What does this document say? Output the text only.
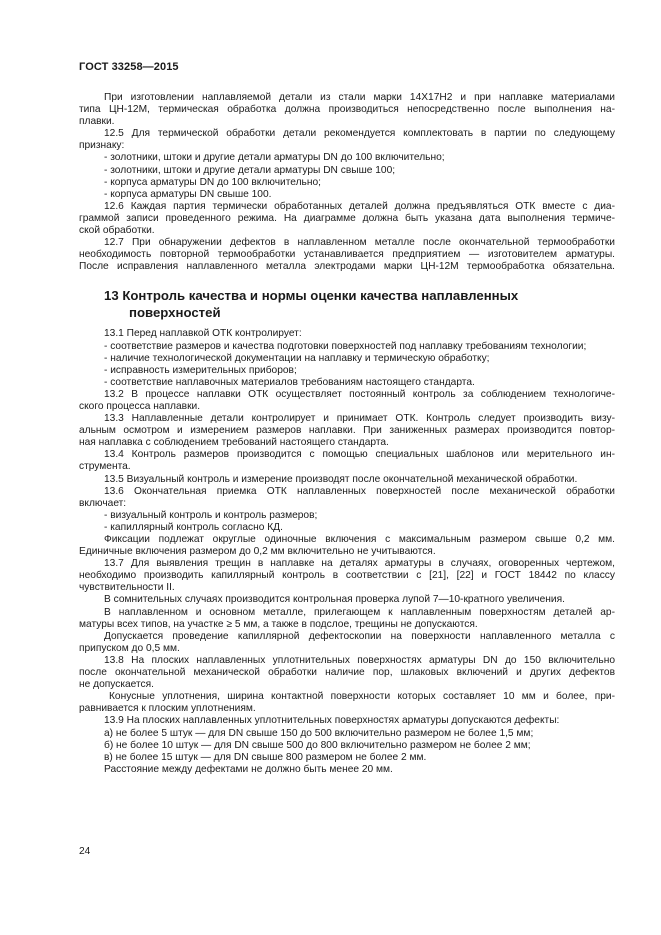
ГОСТ 33258—2015
При изготовлении наплавляемой детали из стали марки 14Х17Н2 и при наплавке материалами
типа ЦН-12М, термическая обработка должна производиться непосредственно после выполнения на-
плавки.
12.5 Для термической обработки детали рекомендуется комплектовать в партии по следующему
признаку:
- золотники, штоки и другие детали арматуры DN до 100 включительно;
- золотники, штоки и другие детали арматуры DN свыше 100;
- корпуса арматуры DN до 100 включительно;
- корпуса арматуры DN свыше 100.
12.6 Каждая партия термически обработанных деталей должна предъявляться ОТК вместе с диа-
граммой записи проведенного режима. На диаграмме должна быть указана дата выполнения термиче-
ской обработки.
12.7 При обнаружении дефектов в наплавленном металле после окончательной термообработки
необходимость повторной термообработки устанавливается предприятием — изготовителем арматуры.
После исправления наплавленного металла электродами марки ЦН-12М термообработка обязательна.
13 Контроль качества и нормы оценки качества наплавленных
поверхностей
13.1 Перед наплавкой ОТК контролирует:
- соответствие размеров и качества подготовки поверхностей под наплавку требованиям технологии;
- наличие технологической документации на наплавку и термическую обработку;
- исправность измерительных приборов;
- соответствие наплавочных материалов требованиям настоящего стандарта.
13.2 В процессе наплавки ОТК осуществляет постоянный контроль за соблюдением технологиче-
ского процесса наплавки.
13.3 Наплавленные детали контролирует и принимает ОТК. Контроль следует производить визу-
альным осмотром и измерением размеров наплавки. При заниженных размерах производится повтор-
ная наплавка с соблюдением требований настоящего стандарта.
13.4 Контроль размеров производится с помощью специальных шаблонов или мерительного ин-
струмента.
13.5 Визуальный контроль и измерение производят после окончательной механической обработки.
13.6 Окончательная приемка ОТК наплавленных поверхностей после механической обработки
включает:
- визуальный контроль и контроль размеров;
- капиллярный контроль согласно КД.
Фиксации подлежат округлые одиночные включения с максимальным размером свыше 0,2 мм.
Единичные включения размером до 0,2 мм включительно не учитываются.
13.7 Для выявления трещин в наплавке на деталях арматуры в случаях, оговоренных чертежом,
необходимо производить капиллярный контроль в соответствии с [21], [22] и ГОСТ 18442 по классу
чувствительности II.
В сомнительных случаях производится контрольная проверка лупой 7—10-кратного увеличения.
В наплавленном и основном металле, прилегающем к наплавленным поверхностям деталей ар-
матуры всех типов, на участке ≥ 5 мм, а также в подслое, трещины не допускаются.
Допускается проведение капиллярной дефектоскопии на поверхности наплавленного металла с
припуском до 0,5 мм.
13.8 На плоских наплавленных уплотнительных поверхностях арматуры DN до 150 включительно
после окончательной механической обработки наличие пор, шлаковых включений и других дефектов
не допускается.
Конусные уплотнения, ширина контактной поверхности которых составляет 10 мм и более, при-
равнивается к плоским уплотнениям.
13.9 На плоских наплавленных уплотнительных поверхностях арматуры допускаются дефекты:
а) не более 5 штук — для DN свыше 150 до 500 включительно размером не более 1,5 мм;
б) не более 10 штук — для DN свыше 500 до 800 включительно размером не более 2 мм;
в) не более 15 штук — для DN свыше 800 размером не более 2 мм.
Расстояние между дефектами не должно быть менее 20 мм.
24
